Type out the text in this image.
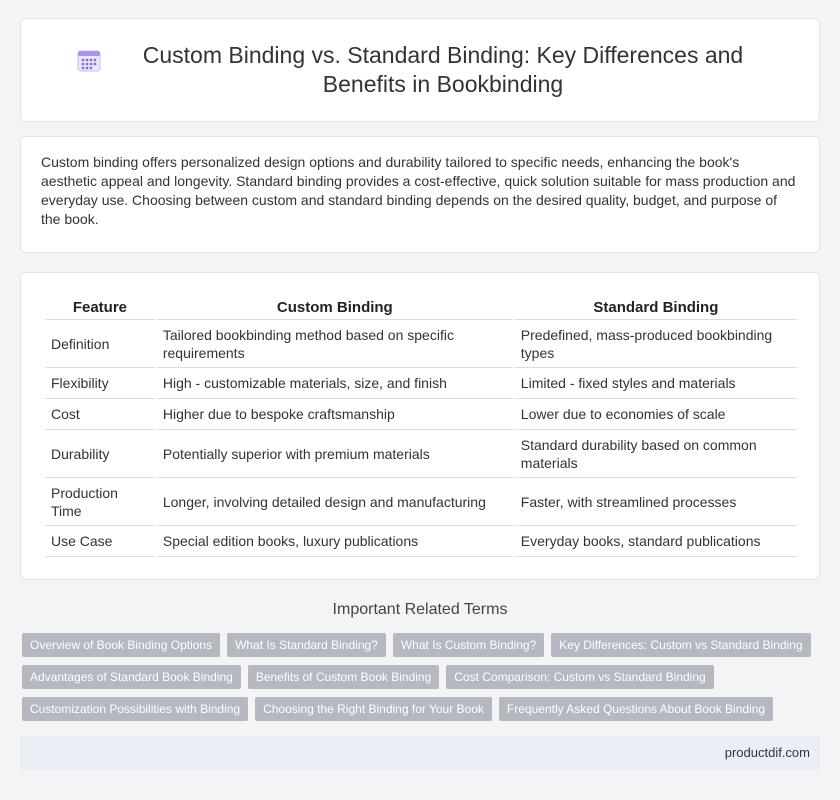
Custom Binding vs. Standard Binding: Key Differences and Benefits in Bookbinding

Custom binding offers personalized design options and durability tailored to specific needs, enhancing the book's aesthetic appeal and longevity. Standard binding provides a cost-effective, quick solution suitable for mass production and everyday use. Choosing between custom and standard binding depends on the desired quality, budget, and purpose of the book.

Feature	Custom Binding	Standard Binding
Definition	Tailored bookbinding method based on specific requirements	Predefined, mass-produced bookbinding types
Flexibility	High - customizable materials, size, and finish	Limited - fixed styles and materials
Cost	Higher due to bespoke craftsmanship	Lower due to economies of scale
Durability	Potentially superior with premium materials	Standard durability based on common materials
Production Time	Longer, involving detailed design and manufacturing	Faster, with streamlined processes
Use Case	Special edition books, luxury publications	Everyday books, standard publications
Important Related Terms
Overview of Book Binding Options	What Is Standard Binding?	What Is Custom Binding?	Key Differences: Custom vs Standard Binding
Advantages of Standard Book Binding	Benefits of Custom Book Binding	Cost Comparison: Custom vs Standard Binding
Customization Possibilities with Binding	Choosing the Right Binding for Your Book	Frequently Asked Questions About Book Binding
productdif.com
